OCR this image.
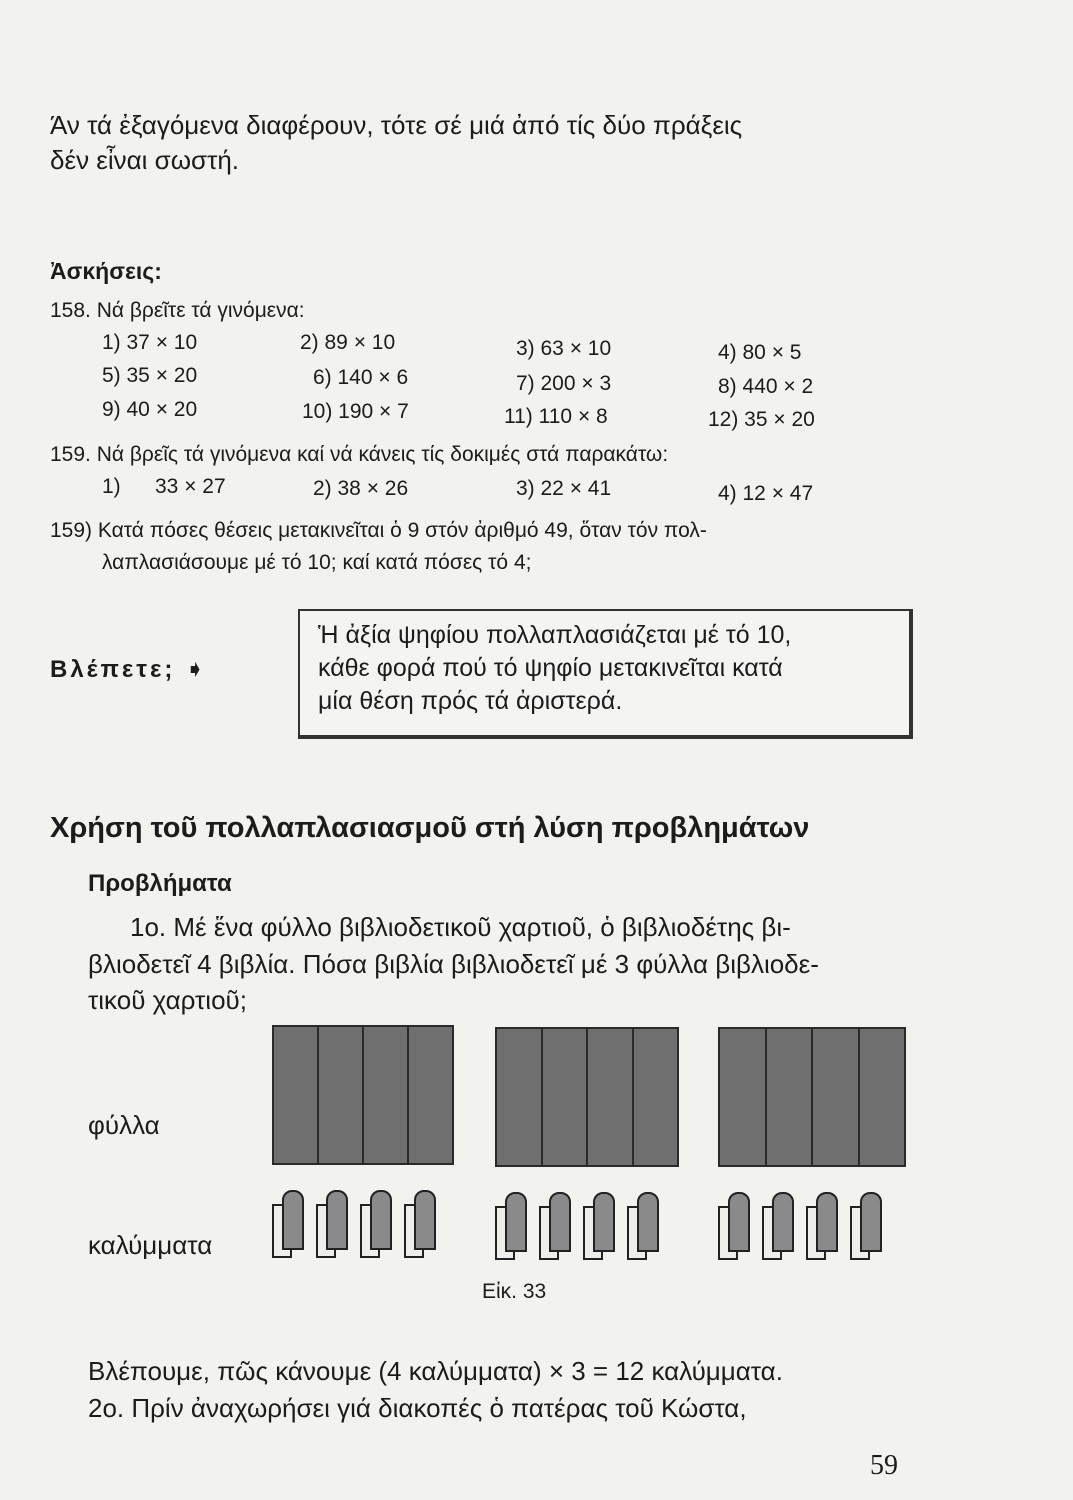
Άν τά ἐξαγόμενα διαφέρουν, τότε σέ μιά ἀπό τίς δύο πράξεις
δέν εἶναι σωστή.
Ἀσκήσεις:
158. Νά βρεῖτε τά γινόμενα:
1) 37 × 10	2) 89 × 10	3) 63 × 10	4) 80 × 5
5) 35 × 20	6) 140 × 6	7) 200 × 3	8) 440 × 2
9) 40 × 20	10) 190 × 7	11) 110 × 8	12) 35 × 20
159. Νά βρεῖς τά γινόμενα καί νά κάνεις τίς δοκιμές στά παρακάτω:
1) 33 × 27	2) 38 × 26	3) 22 × 41	4) 12 × 47
159) Κατά πόσες θέσεις μετακινεῖται ὁ 9 στόν ἀριθμό 49, ὅταν τόν πολ-
λαπλασιάσουμε μέ τό 10; καί κατά πόσες τό 4;
Βλέπετε; ➧
Ἡ ἀξία ψηφίου πολλαπλασιάζεται μέ τό 10,
κάθε φορά πού τό ψηφίο μετακινεῖται κατά
μία θέση πρός τά ἀριστερά.
Χρήση τοῦ πολλαπλασιασμοῦ στή λύση προβλημάτων
Προβλήματα
1ο. Μέ ἕνα φύλλο βιβλιοδετικοῦ χαρτιοῦ, ὁ βιβλιοδέτης βι-
βλιοδετεῖ 4 βιβλία. Πόσα βιβλία βιβλιοδετεῖ μέ 3 φύλλα βιβλιοδε-
τικοῦ χαρτιοῦ;
φύλλα
καλύμματα
Εἰκ. 33
Βλέπουμε, πῶς κάνουμε (4 καλύμματα) × 3 = 12 καλύμματα.
2ο. Πρίν ἀναχωρήσει γιά διακοπές ὁ πατέρας τοῦ Κώστα,
59
